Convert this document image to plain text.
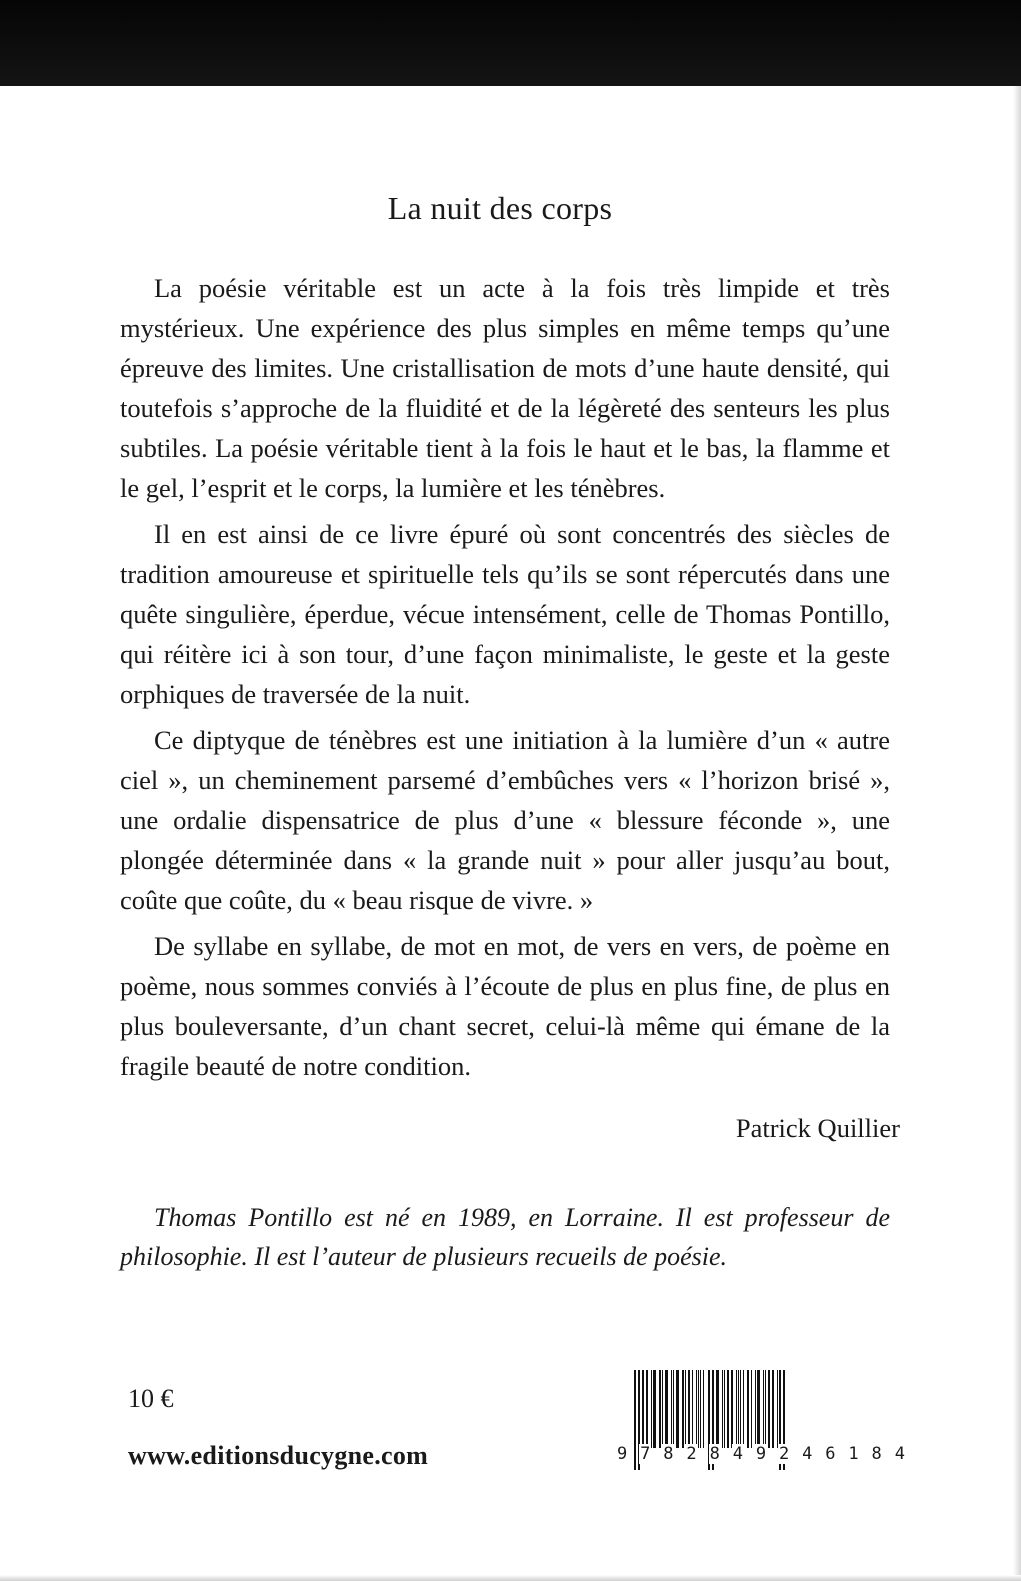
La nuit des corps

La poésie véritable est un acte à la fois très limpide et très mystérieux. Une expérience des plus simples en même temps qu’une épreuve des limites. Une cristallisation de mots d’une haute densité, qui toutefois s’approche de la fluidité et de la légèreté des senteurs les plus subtiles. La poésie véritable tient à la fois le haut et le bas, la flamme et le gel, l’esprit et le corps, la lumière et les ténèbres.

Il en est ainsi de ce livre épuré où sont concentrés des siècles de tradition amoureuse et spirituelle tels qu’ils se sont répercutés dans une quête singulière, éperdue, vécue intensément, celle de Thomas Pontillo, qui réitère ici à son tour, d’une façon minimaliste, le geste et la geste orphiques de traversée de la nuit.

Ce diptyque de ténèbres est une initiation à la lumière d’un « autre ciel », un cheminement parsemé d’embûches vers « l’horizon brisé », une ordalie dispensatrice de plus d’une « blessure féconde », une plongée déterminée dans « la grande nuit » pour aller jusqu’au bout, coûte que coûte, du « beau risque de vivre. »

De syllabe en syllabe, de mot en mot, de vers en vers, de poème en poème, nous sommes conviés à l’écoute de plus en plus fine, de plus en plus bouleversante, d’un chant secret, celui-là même qui émane de la fragile beauté de notre condition.

Patrick Quillier

Thomas Pontillo est né en 1989, en Lorraine. Il est professeur de philosophie. Il est l’auteur de plusieurs recueils de poésie.

10 €
www.editionsducygne.com	9 7 8 2 8 4 9 2 4 6 1 8 4
